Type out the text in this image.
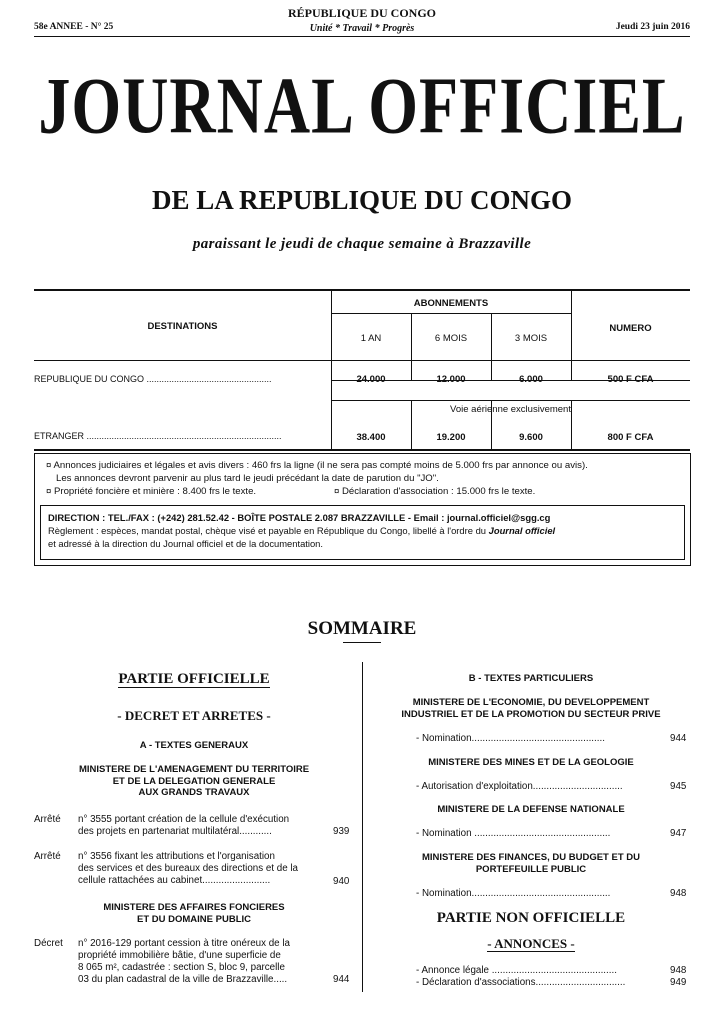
58e ANNEE - N° 25
RÉPUBLIQUE DU CONGO
Unité * Travail * Progrès	Jeudi 23 juin 2016
JOURNAL OFFICIEL
DE LA REPUBLIQUE DU CONGO
paraissant le jeudi de chaque semaine à Brazzaville
DESTINATIONS
ABONNEMENTS
NUMERO
1 AN	6 MOIS	3 MOIS
REPUBLIQUE DU CONGO ..................................................	24.000	12.000	6.000	500 F CFA
Voie aérienne exclusivement
ETRANGER ..............................................................................	38.400	19.200	9.600	800 F CFA
¤ Annonces judiciaires et légales et avis divers : 460 frs la ligne (il ne sera pas compté moins de 5.000 frs par annonce ou avis).
Les annonces devront parvenir au plus tard le jeudi précédant la date de parution du "JO".
¤ Propriété foncière et minière : 8.400 frs le texte.	¤ Déclaration d'association : 15.000 frs le texte.
DIRECTION : TEL./FAX : (+242) 281.52.42 - BOÎTE POSTALE 2.087 BRAZZAVILLE - Email : journal.officiel@sgg.cg
Règlement : espèces, mandat postal, chèque visé et payable en République du Congo, libellé à l'ordre du Journal officiel
et adressé à la direction du Journal officiel et de la documentation.
SOMMAIRE
PARTIE OFFICIELLE
- DECRET ET ARRETES -
A - TEXTES GENERAUX
MINISTERE DE L'AMENAGEMENT DU TERRITOIRE
ET DE LA DELEGATION GENERALE
AUX GRANDS TRAVAUX
Arrêté n° 3555 portant création de la cellule d'exécution
des projets en partenariat multilatéral............	939
Arrêté n° 3556 fixant les attributions et l'organisation
des services et des bureaux des directions et de la
cellule rattachées au cabinet.........................	940
MINISTERE DES AFFAIRES FONCIERES
ET DU DOMAINE PUBLIC
Décret n° 2016-129 portant cession à titre onéreux de la
propriété immobilière bâtie, d'une superficie de
8 065 m², cadastrée : section S, bloc 9, parcelle
03 du plan cadastral de la ville de Brazzaville.....	944
B - TEXTES PARTICULIERS
MINISTERE DE L'ECONOMIE, DU DEVELOPPEMENT
INDUSTRIEL ET DE LA PROMOTION DU SECTEUR PRIVE
- Nomination.................................................	944
MINISTERE DES MINES ET DE LA GEOLOGIE
- Autorisation d'exploitation.................................	945
MINISTERE DE LA DEFENSE NATIONALE
- Nomination ..................................................	947
MINISTERE DES FINANCES, DU BUDGET ET DU
PORTEFEUILLE PUBLIC
- Nomination...................................................	948
PARTIE NON OFFICIELLE
- ANNONCES -
- Annonce légale ..............................................	948
- Déclaration d'associations.................................	949
